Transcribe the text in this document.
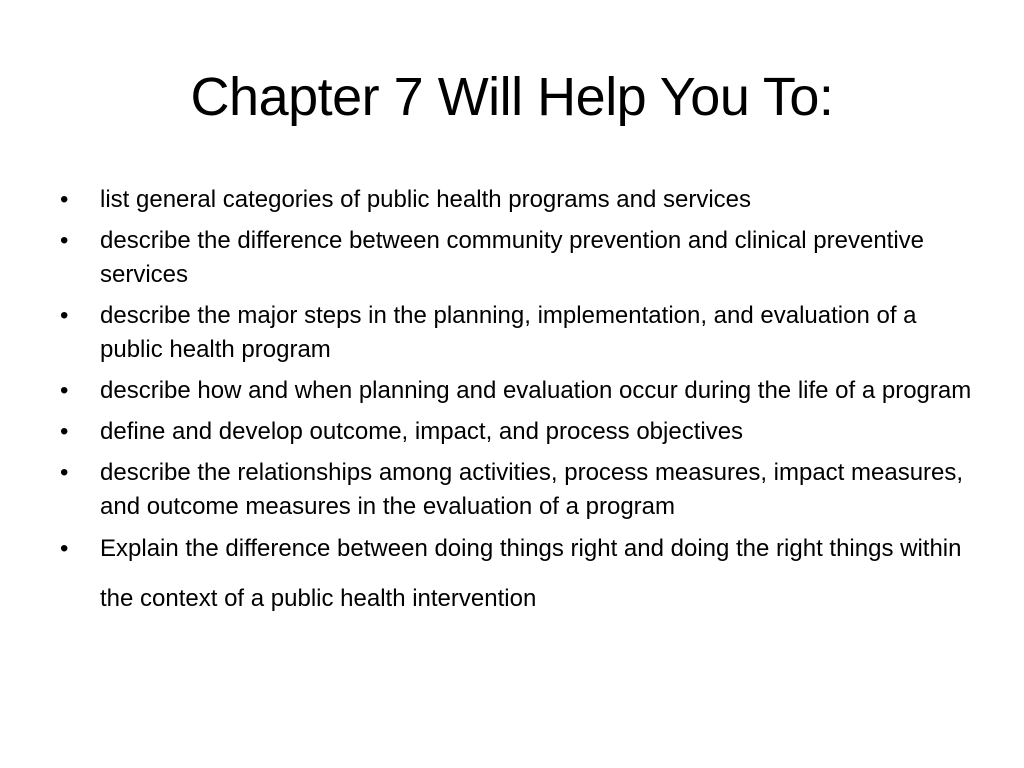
Chapter 7 Will Help You To:
• list general categories of public health programs and services
• describe the difference between community prevention and clinical preventive services
• describe the major steps in the planning, implementation, and evaluation of a public health program
• describe how and when planning and evaluation occur during the life of a program
• define and develop outcome, impact, and process objectives
• describe the relationships among activities, process measures, impact measures, and outcome measures in the evaluation of a program
• Explain the difference between doing things right and doing the right things within the context of a public health intervention
